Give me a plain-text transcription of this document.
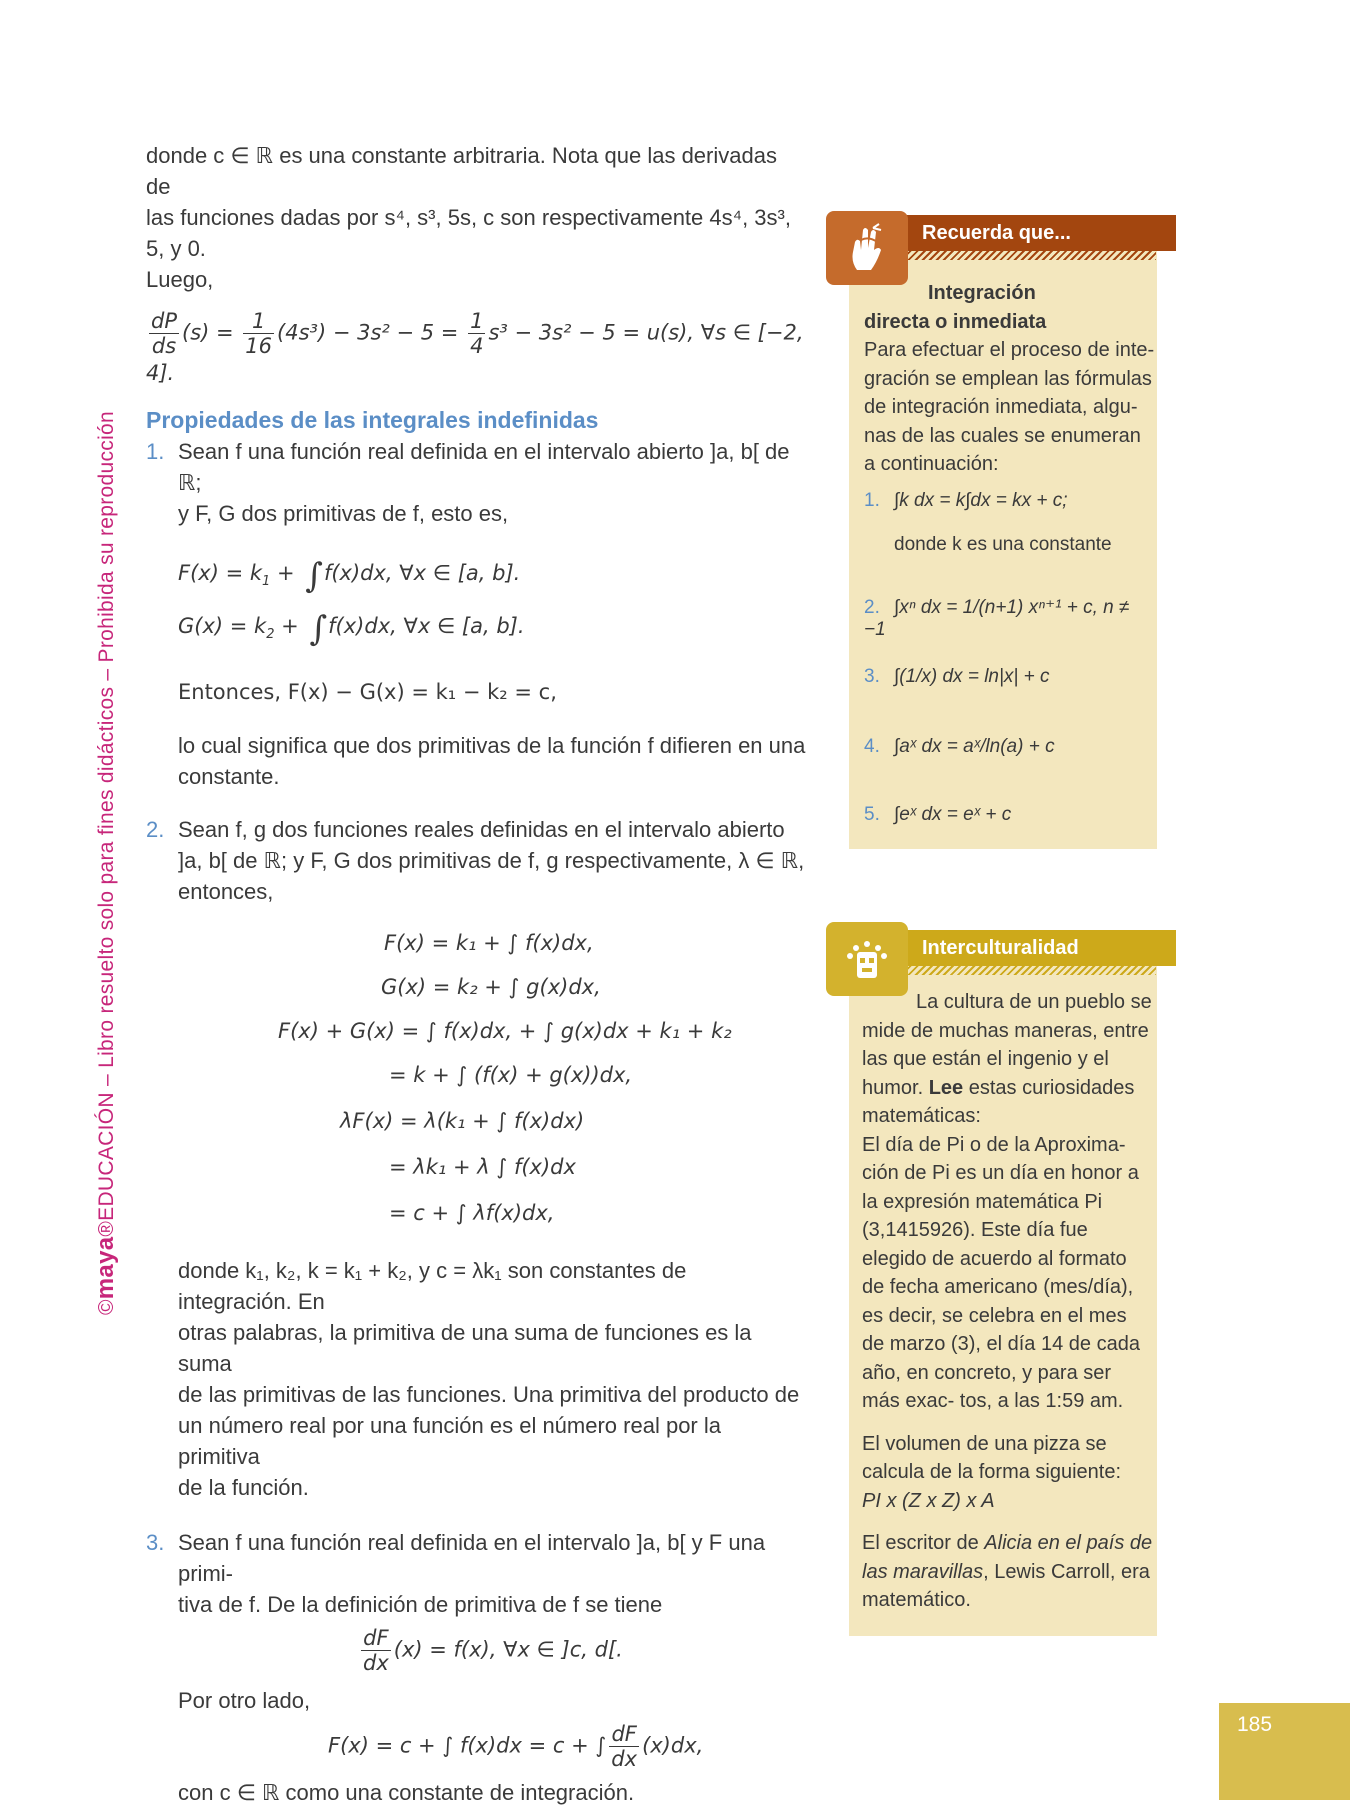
©maya®EDUCACIÓN – Libro resuelto solo para fines didácticos – Prohibida su reproducción

donde c ∈ ℝ es una constante arbitraria. Nota que las derivadas de

las funciones dadas por s⁴, s³, 5s, c son respectivamente 4s⁴, 3s³, 5, y 0.

Luego,

$\frac{dP}{ds} (s) = \frac{1}{16} (4s^3) - 3s^2 - 5 = \frac{1}{4} s^3 - 3s^2 - 5 = u(s)$, ∀s ∈ [−2, 4].

Propiedades de las integrales indefinidas

1. Sean f una función real definida en el intervalo abierto ]a, b[ de ℝ;

y F, G dos primitivas de f, esto es,

$F(x) = k_1 + \int f(x)dx$, ∀x ∈ [a, b].
$G(x) = k_2 + \int f(x)dx$, ∀x ∈ [a, b].

Entonces, F(x) − G(x) = k₁ − k₂ = c,

lo cual significa que dos primitivas de la función f difieren en una

constante.

2. Sean f, g dos funciones reales definidas en el intervalo abierto

]a, b[ de ℝ; y F, G dos primitivas de f, g respectivamente, λ ∈ ℝ,

entonces,

F(x) = k₁ + ∫ f(x)dx,
G(x) = k₂ + ∫ g(x)dx,
F(x) + G(x) = ∫ f(x)dx, + ∫ g(x)dx + k₁ + k₂
= k + ∫ (f(x) + g(x))dx,
λF(x) = λ(k₁ + ∫ f(x)dx)
= λk₁ + λ ∫ f(x)dx
= c + ∫ λf(x)dx,

donde k₁, k₂, k = k₁ + k₂, y c = λk₁ son constantes de integración. En

otras palabras, la primitiva de una suma de funciones es la suma

de las primitivas de las funciones. Una primitiva del producto de

un número real por una función es el número real por la primitiva

de la función.

3. Sean f una función real definida en el intervalo ]a, b[ y F una primi-

tiva de f. De la definición de primitiva de f se tiene

$\frac{dF}{dx} (x) = f(x)$, ∀x ∈ ]c, d[.

Por otro lado,

F(x) = c + ∫ f(x)dx = c + ∫ $\frac{dF}{dx} (x)dx$,

con c ∈ ℝ como una constante de integración.

Recuerda que...

Integración

directa o inmediata

Para efectuar el proceso de inte- gración se emplean las fórmulas de integración inmediata, algu- nas de las cuales se enumeran a continuación:

1. ∫k dx = k∫dx = kx + c;
donde k es una constante
2. ∫xⁿ dx = 1/(n+1) xⁿ⁺¹ + c, n ≠ −1
3. ∫(1/x) dx = ln|x| + c
4. ∫aˣ dx = aˣ/ln(a) + c
5. ∫eˣ dx = eˣ + c
Interculturalidad

La cultura de un pueblo se mide de muchas maneras, entre las que están el ingenio y el humor. Lee estas curiosidades matemáticas:

El día de Pi o de la Aproxima- ción de Pi es un día en honor a la expresión matemática Pi (3,1415926). Este día fue elegido de acuerdo al formato de fecha americano (mes/día), es decir, se celebra en el mes de marzo (3), el día 14 de cada año, en concreto, y para ser más exac- tos, a las 1:59 am.

El volumen de una pizza se calcula de la forma siguiente:

PI x (Z x Z) x A

El escritor de Alicia en el país de las maravillas, Lewis Carroll, era matemático.

185
